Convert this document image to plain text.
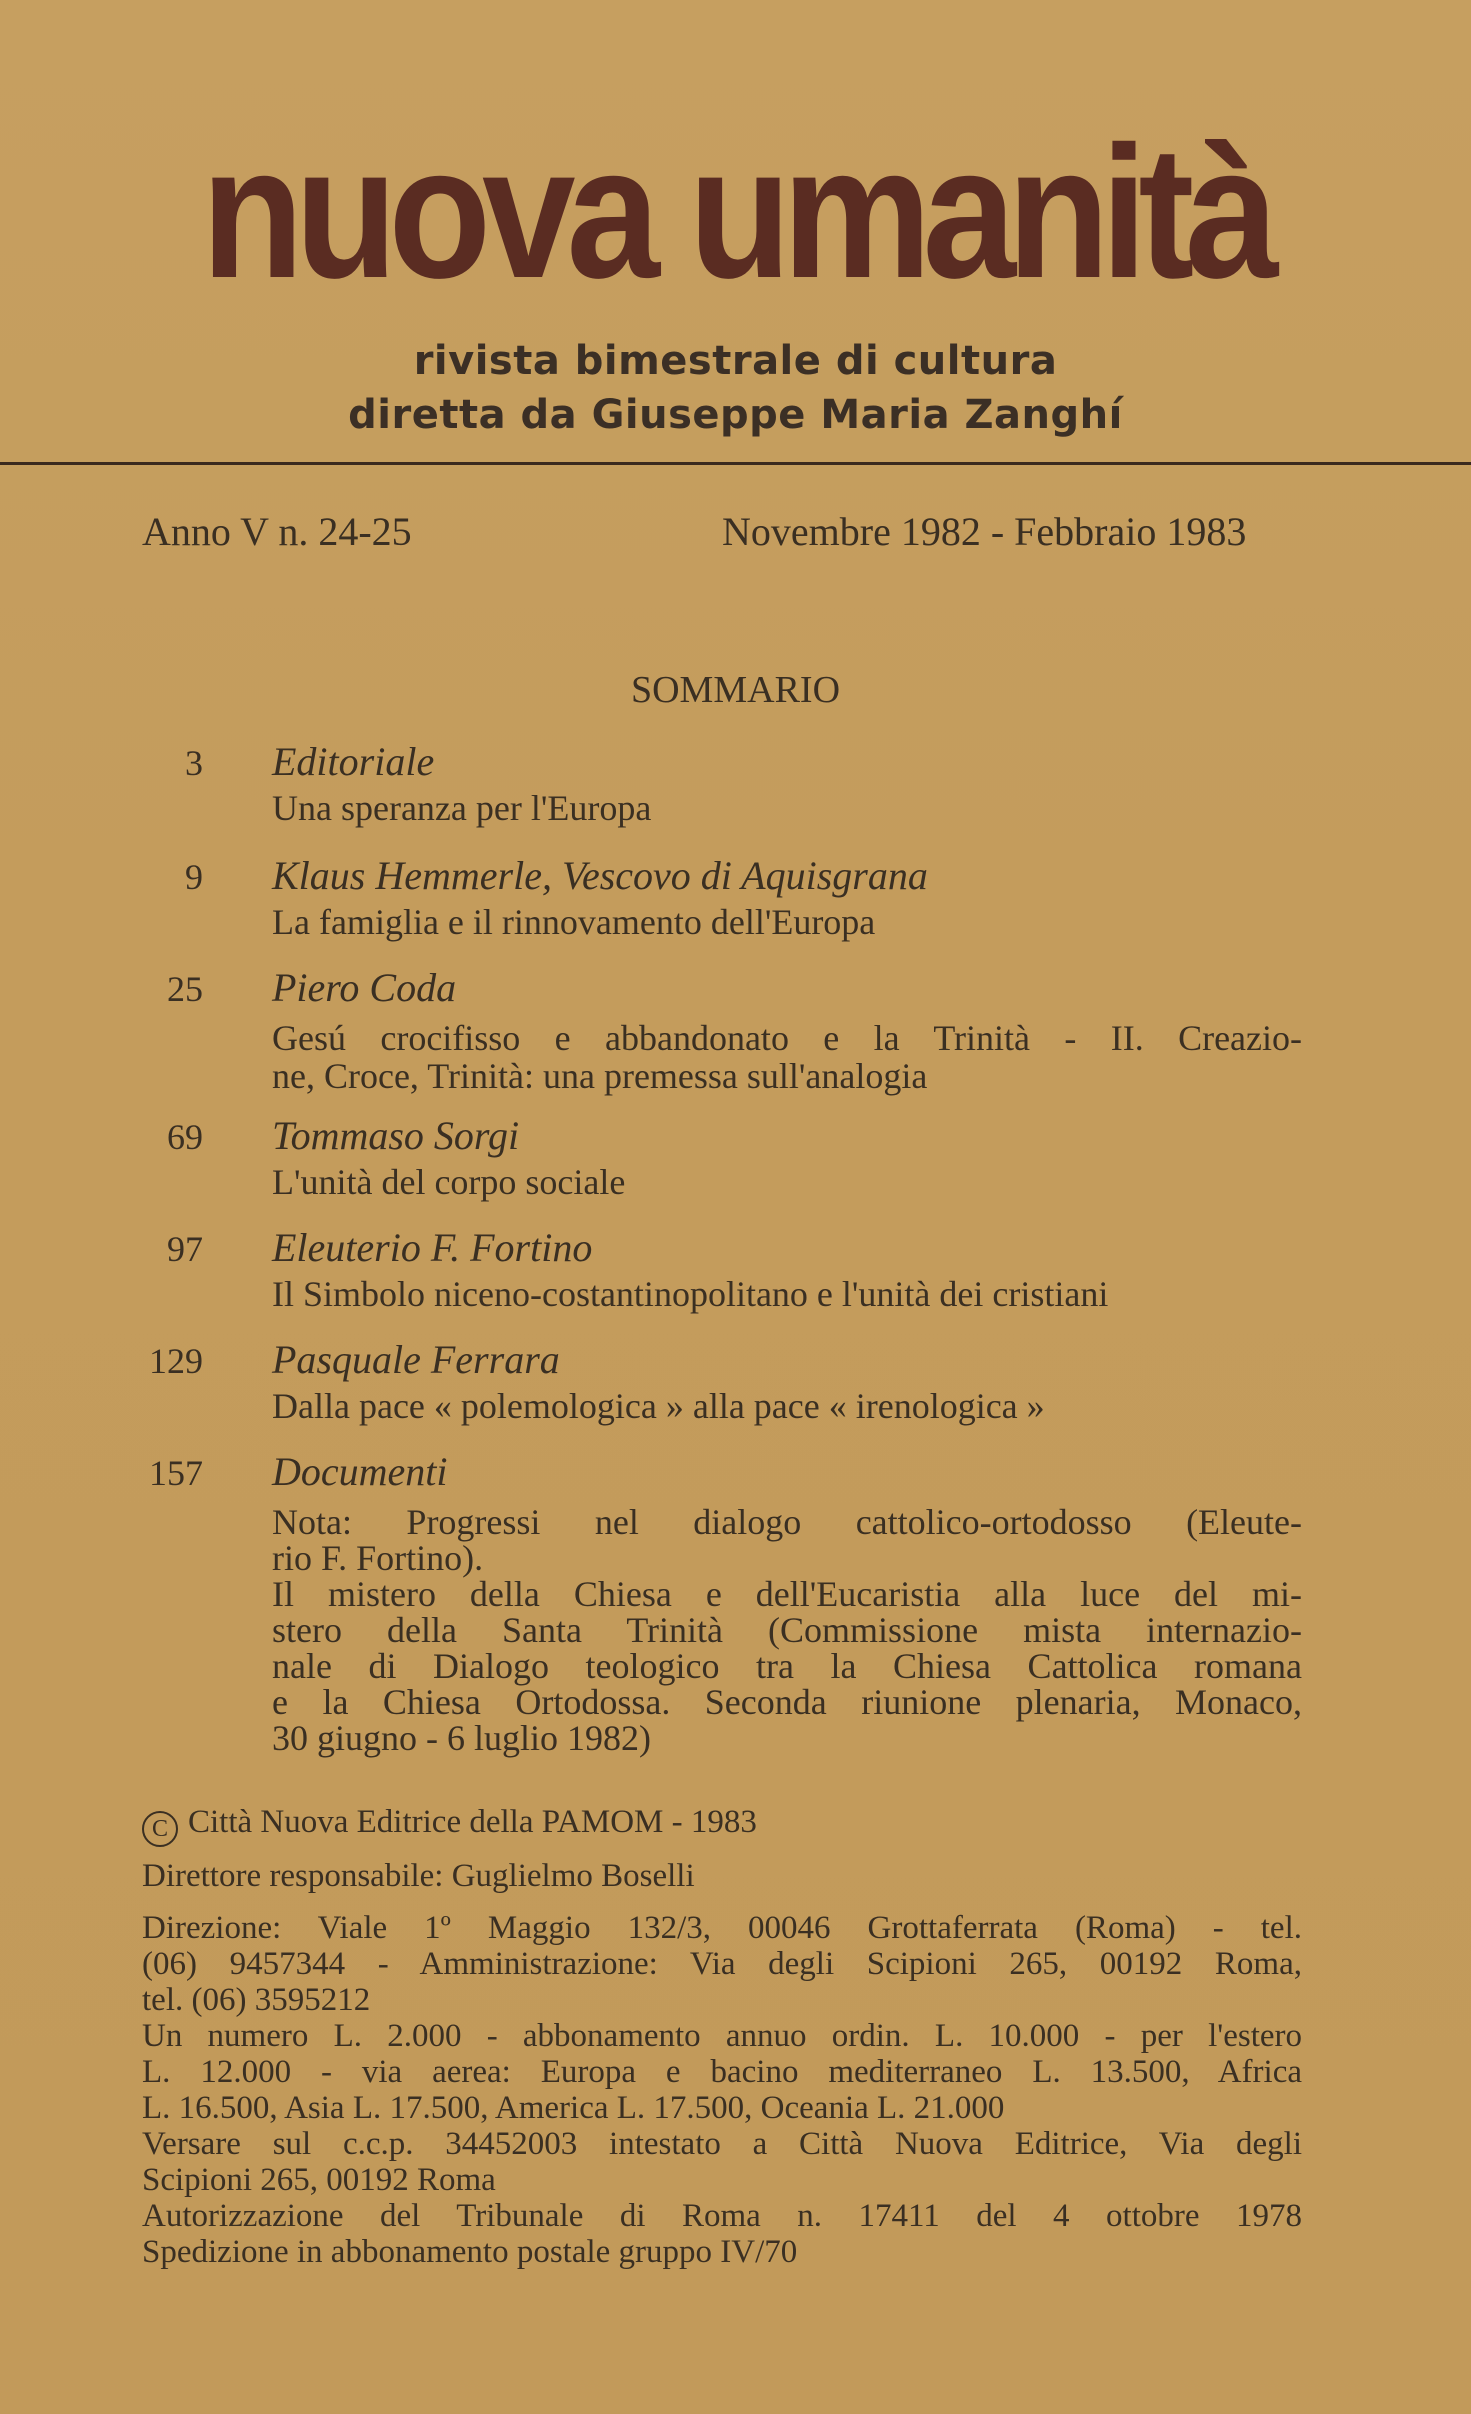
nuova umanità
rivista bimestrale di cultura
diretta da Giuseppe Maria Zanghí
Anno V n. 24-25	Novembre 1982 - Febbraio 1983
SOMMARIO
3 Editoriale
Una speranza per l'Europa
9 Klaus Hemmerle, Vescovo di Aquisgrana
La famiglia e il rinnovamento dell'Europa
25 Piero Coda
Gesú crocifisso e abbandonato e la Trinità - II. Creazio-
ne, Croce, Trinità: una premessa sull'analogia
69 Tommaso Sorgi
L'unità del corpo sociale
97 Eleuterio F. Fortino
Il Simbolo niceno-costantinopolitano e l'unità dei cristiani
129 Pasquale Ferrara
Dalla pace « polemologica » alla pace « irenologica »
157 Documenti
Nota: Progressi nel dialogo cattolico-ortodosso (Eleute-
rio F. Fortino).
Il mistero della Chiesa e dell'Eucaristia alla luce del mi-
stero della Santa Trinità (Commissione mista internazio-
nale di Dialogo teologico tra la Chiesa Cattolica romana
e la Chiesa Ortodossa. Seconda riunione plenaria, Monaco,
30 giugno - 6 luglio 1982)
C Città Nuova Editrice della PAMOM - 1983
Direttore responsabile: Guglielmo Boselli
Direzione: Viale 1º Maggio 132/3, 00046 Grottaferrata (Roma) - tel.
(06) 9457344 - Amministrazione: Via degli Scipioni 265, 00192 Roma,
tel. (06) 3595212
Un numero L. 2.000 - abbonamento annuo ordin. L. 10.000 - per l'estero
L. 12.000 - via aerea: Europa e bacino mediterraneo L. 13.500, Africa
L. 16.500, Asia L. 17.500, America L. 17.500, Oceania L. 21.000
Versare sul c.c.p. 34452003 intestato a Città Nuova Editrice, Via degli
Scipioni 265, 00192 Roma
Autorizzazione del Tribunale di Roma n. 17411 del 4 ottobre 1978
Spedizione in abbonamento postale gruppo IV/70
